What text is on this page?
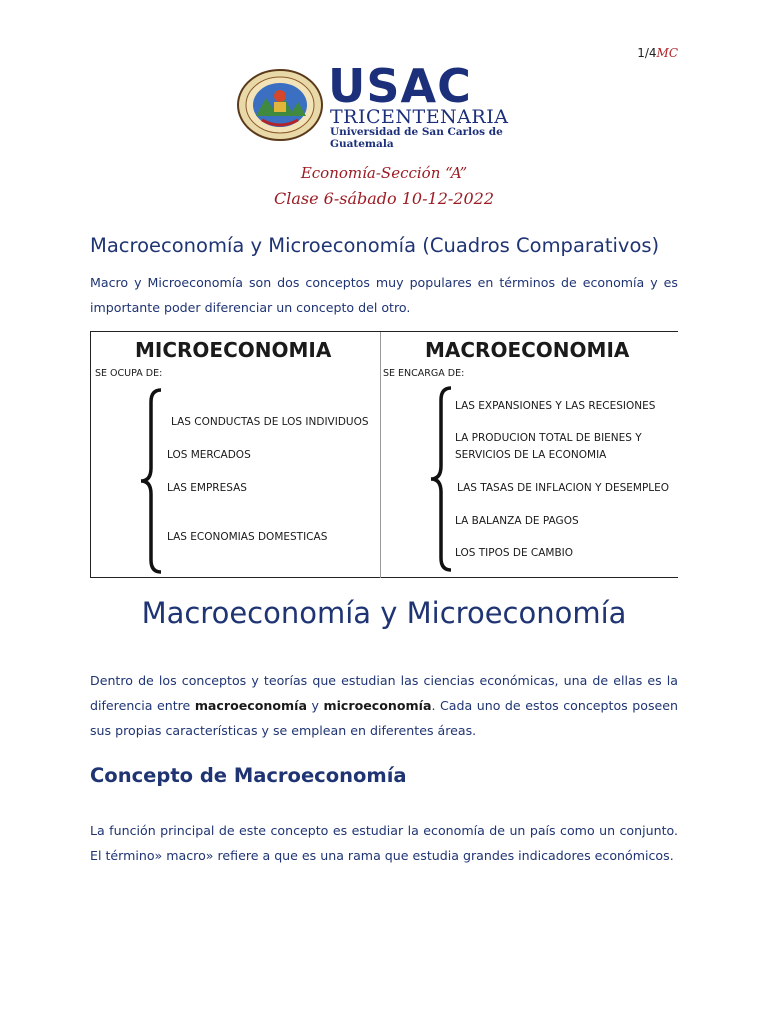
1/4MC
USAC
TRICENTENARIA
Universidad de San Carlos de Guatemala
Economía-Sección “A”
Clase 6-sábado 10-12-2022
Macroeconomía y Microeconomía (Cuadros Comparativos)
Macro y Microeconomía son dos conceptos muy populares en términos de economía y es importante poder diferenciar un concepto del otro.
MICROECONOMIA
SE OCUPA DE:
LAS CONDUCTAS DE LOS INDIVIDUOS
LOS MERCADOS
LAS EMPRESAS
LAS ECONOMIAS DOMESTICAS
MACROECONOMIA
SE ENCARGA DE:
LAS EXPANSIONES Y LAS RECESIONES
LA PRODUCION TOTAL DE BIENES Y SERVICIOS DE LA ECONOMIA
LAS TASAS DE INFLACION Y DESEMPLEO
LA BALANZA DE PAGOS
LOS TIPOS DE CAMBIO
Macroeconomía y Microeconomía
Dentro de los conceptos y teorías que estudian las ciencias económicas, una de ellas es la diferencia entre macroeconomía y microeconomía. Cada uno de estos conceptos poseen sus propias características y se emplean en diferentes áreas.
Concepto de Macroeconomía
La función principal de este concepto es estudiar la economía de un país como un conjunto. El término» macro» refiere a que es una rama que estudia grandes indicadores económicos.
